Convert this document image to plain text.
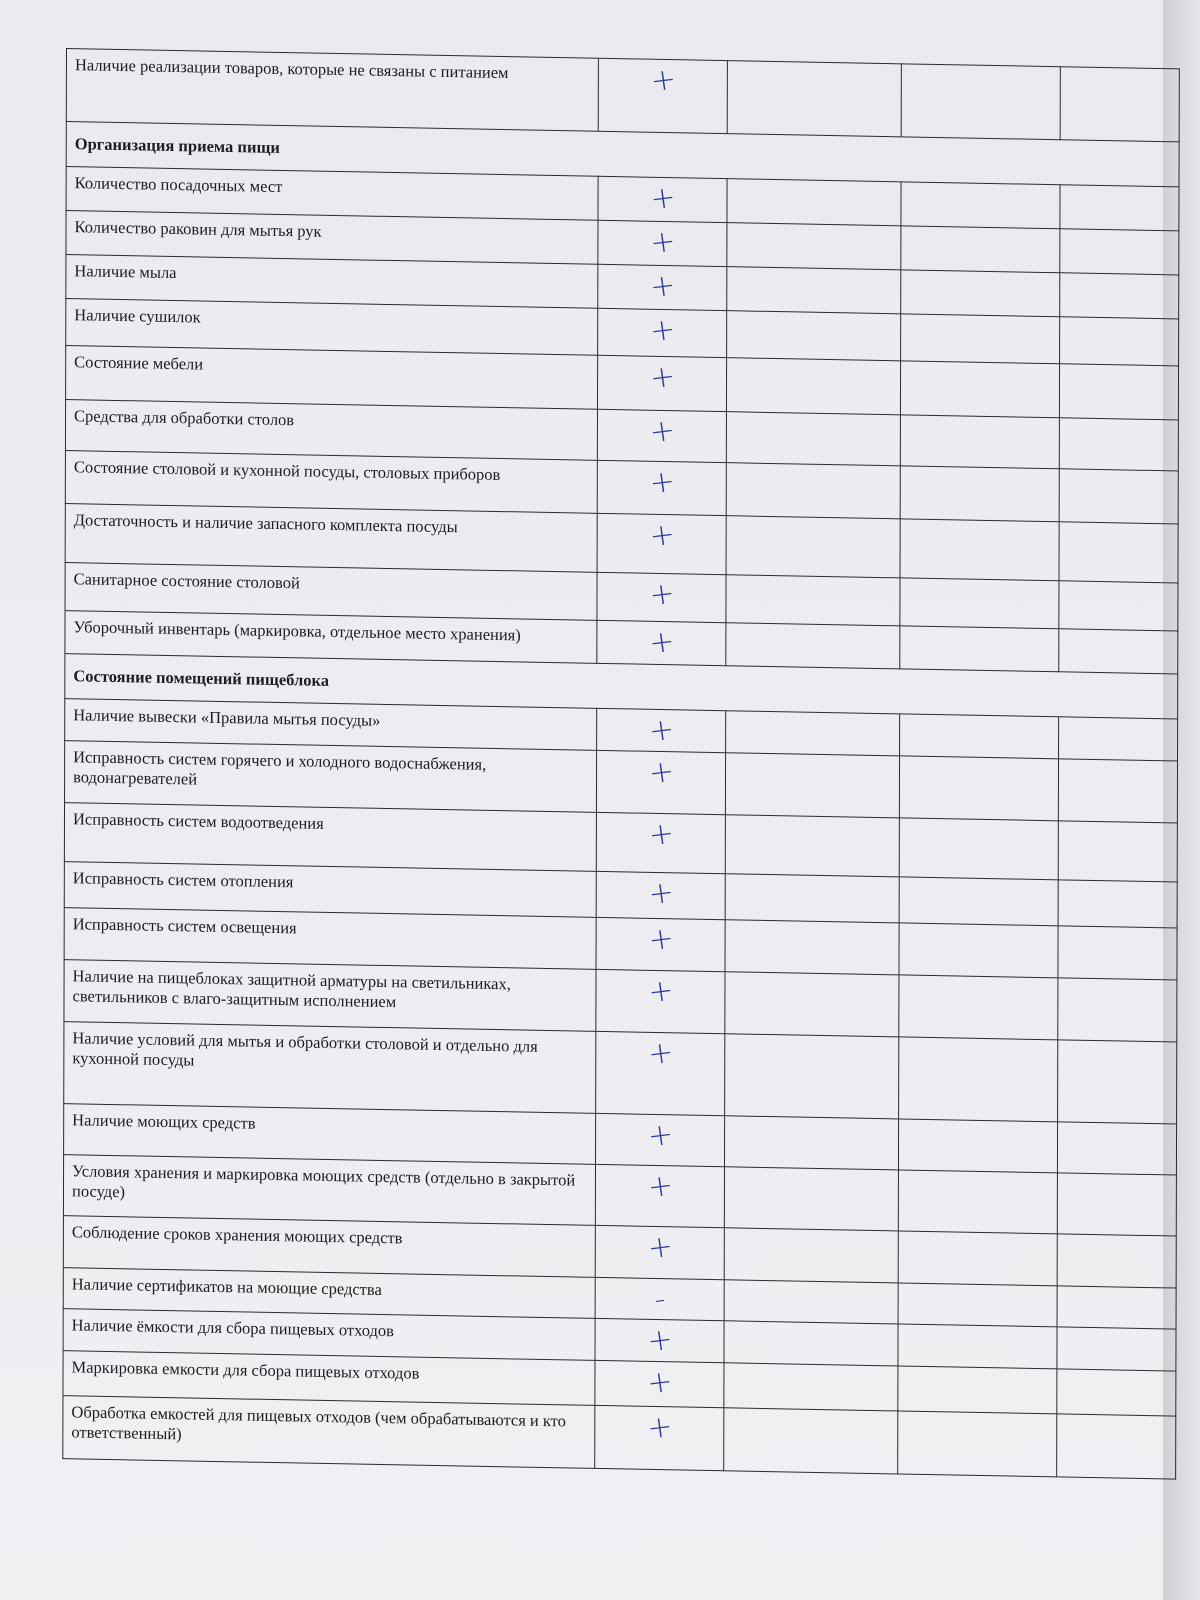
Наличие реализации товаров, которые не связаны с питанием	+			
Организация приема пищи				
Количество посадочных мест	+			
Количество раковин для мытья рук	+			
Наличие мыла	+			
Наличие сушилок	+			
Состояние мебели	+			
Средства для обработки столов	+			
Состояние столовой и кухонной посуды, столовых приборов	+			
Достаточность и наличие запасного комплекта посуды	+			
Санитарное состояние столовой	+			
Уборочный инвентарь (маркировка, отдельное место хранения)	+			
Состояние помещений пищеблока				
Наличие вывески «Правила мытья посуды»	+			
Исправность систем горячего и холодного водоснабжения, водонагревателей	+			
Исправность систем водоотведения	+			
Исправность систем отопления	+			
Исправность систем освещения	+			
Наличие на пищеблоках защитной арматуры на светильниках, светильников с влаго-защитным исполнением	+			
Наличие условий для мытья и обработки столовой и отдельно для кухонной посуды	+			
Наличие моющих средств	+			
Условия хранения и маркировка моющих средств (отдельно в закрытой посуде)	+			
Соблюдение сроков хранения моющих средств	+			
Наличие сертификатов на моющие средства	-			
Наличие ёмкости для сбора пищевых отходов	+			
Маркировка емкости для сбора пищевых отходов	+			
Обработка емкостей для пищевых отходов (чем обрабатываются и кто ответственный)	+			
